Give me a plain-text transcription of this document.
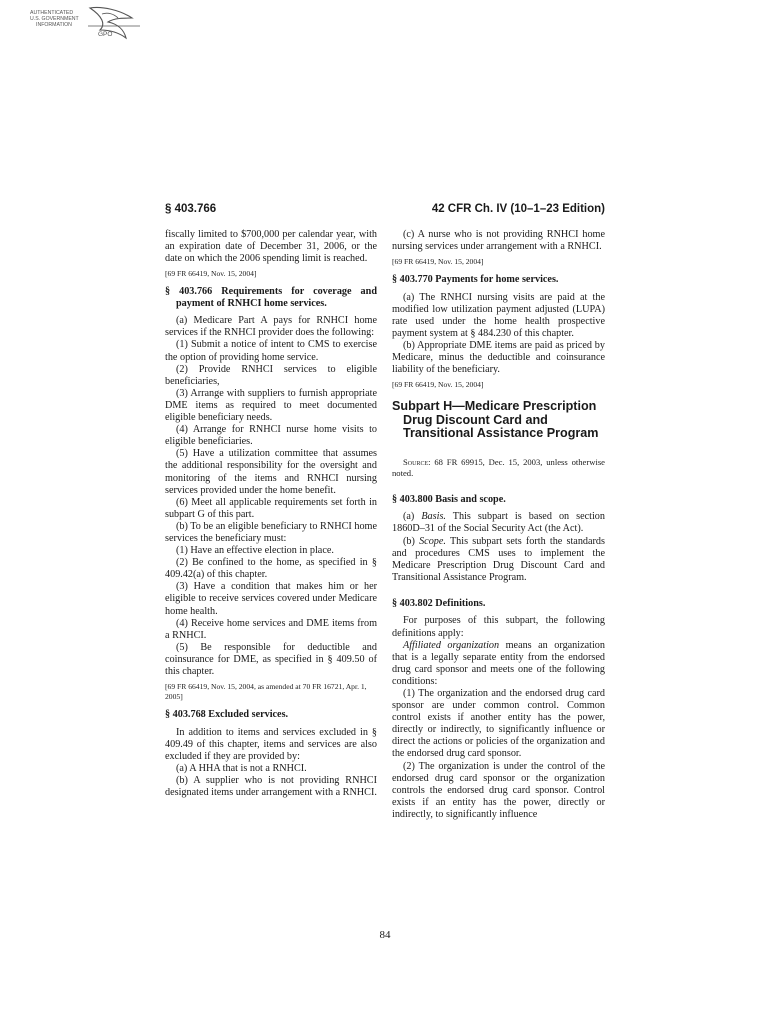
AUTHENTICATED
U.S. GOVERNMENT
INFORMATION
GPO
§ 403.766	42 CFR Ch. IV (10–1–23 Edition)

fiscally limited to $700,000 per calendar year, with an expiration date of December 31, 2006, or the date on which the 2006 spending limit is reached.

[69 FR 66419, Nov. 15, 2004]

§ 403.766 Requirements for coverage and payment of RNHCI home services.

(a) Medicare Part A pays for RNHCI home services if the RNHCI provider does the following:

(1) Submit a notice of intent to CMS to exercise the option of providing home service.

(2) Provide RNHCI services to eligible beneficiaries,

(3) Arrange with suppliers to furnish appropriate DME items as required to meet documented eligible beneficiary needs.

(4) Arrange for RNHCI nurse home visits to eligible beneficiaries.

(5) Have a utilization committee that assumes the additional responsibility for the oversight and monitoring of the items and RNHCI nursing services provided under the home benefit.

(6) Meet all applicable requirements set forth in subpart G of this part.

(b) To be an eligible beneficiary to RNHCI home services the beneficiary must:

(1) Have an effective election in place.

(2) Be confined to the home, as specified in § 409.42(a) of this chapter.

(3) Have a condition that makes him or her eligible to receive services covered under Medicare home health.

(4) Receive home services and DME items from a RNHCI.

(5) Be responsible for deductible and coinsurance for DME, as specified in § 409.50 of this chapter.

[69 FR 66419, Nov. 15, 2004, as amended at 70 FR 16721, Apr. 1, 2005]

§ 403.768 Excluded services.

In addition to items and services excluded in § 409.49 of this chapter, items and services are also excluded if they are provided by:

(a) A HHA that is not a RNHCI.

(b) A supplier who is not providing RNHCI designated items under arrangement with a RNHCI.

(c) A nurse who is not providing RNHCI home nursing services under arrangement with a RNHCI.

[69 FR 66419, Nov. 15, 2004]

§ 403.770 Payments for home services.

(a) The RNHCI nursing visits are paid at the modified low utilization payment adjusted (LUPA) rate used under the home health prospective payment system at § 484.230 of this chapter.

(b) Appropriate DME items are paid as priced by Medicare, minus the deductible and coinsurance liability of the beneficiary.

[69 FR 66419, Nov. 15, 2004]

Subpart H—Medicare Prescription Drug Discount Card and Transitional Assistance Program

Source: 68 FR 69915, Dec. 15, 2003, unless otherwise noted.

§ 403.800 Basis and scope.

(a) Basis. This subpart is based on section 1860D–31 of the Social Security Act (the Act).

(b) Scope. This subpart sets forth the standards and procedures CMS uses to implement the Medicare Prescription Drug Discount Card and Transitional Assistance Program.

§ 403.802 Definitions.

For purposes of this subpart, the following definitions apply:

Affiliated organization means an organization that is a legally separate entity from the endorsed drug card sponsor and meets one of the following conditions:

(1) The organization and the endorsed drug card sponsor are under common control. Common control exists if another entity has the power, directly or indirectly, to significantly influence or direct the actions or policies of the organization and the endorsed drug card sponsor.

(2) The organization is under the control of the endorsed drug card sponsor or the organization controls the endorsed drug card sponsor. Control exists if an entity has the power, directly or indirectly, to significantly influence

84
